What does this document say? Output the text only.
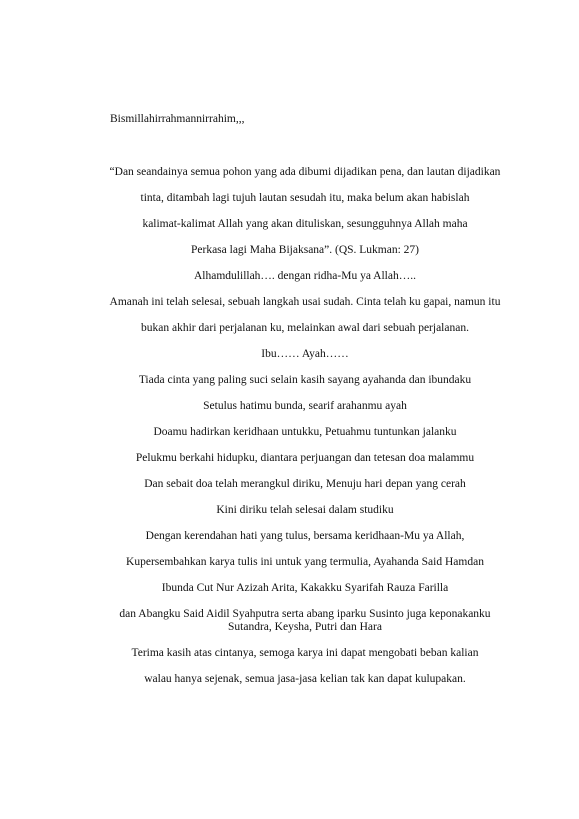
Bismillahirrahmannirrahim,,,

“Dan seandainya semua pohon yang ada dibumi dijadikan pena, dan lautan dijadikan

tinta, ditambah lagi tujuh lautan sesudah itu, maka belum akan habislah

kalimat-kalimat Allah yang akan dituliskan, sesungguhnya Allah maha

Perkasa lagi Maha Bijaksana”. (QS. Lukman: 27)

Alhamdulillah…. dengan ridha-Mu ya Allah…..

Amanah ini telah selesai, sebuah langkah usai sudah. Cinta telah ku gapai, namun itu

bukan akhir dari perjalanan ku, melainkan awal dari sebuah perjalanan.

Ibu…… Ayah……

Tiada cinta yang paling suci selain kasih sayang ayahanda dan ibundaku

Setulus hatimu bunda, searif arahanmu ayah

Doamu hadirkan keridhaan untukku, Petuahmu tuntunkan jalanku

Pelukmu berkahi hidupku, diantara perjuangan dan tetesan doa malammu

Dan sebait doa telah merangkul diriku, Menuju hari depan yang cerah

Kini diriku telah selesai dalam studiku

Dengan kerendahan hati yang tulus, bersama keridhaan-Mu ya Allah,

Kupersembahkan karya tulis ini untuk yang termulia, Ayahanda Said Hamdan

Ibunda Cut Nur Azizah Arita, Kakakku Syarifah Rauza Farilla

dan Abangku Said Aidil Syahputra serta abang iparku Susinto juga keponakanku Sutandra, Keysha, Putri dan Hara

Terima kasih atas cintanya, semoga karya ini dapat mengobati beban kalian

walau hanya sejenak, semua jasa-jasa kelian tak kan dapat kulupakan.
